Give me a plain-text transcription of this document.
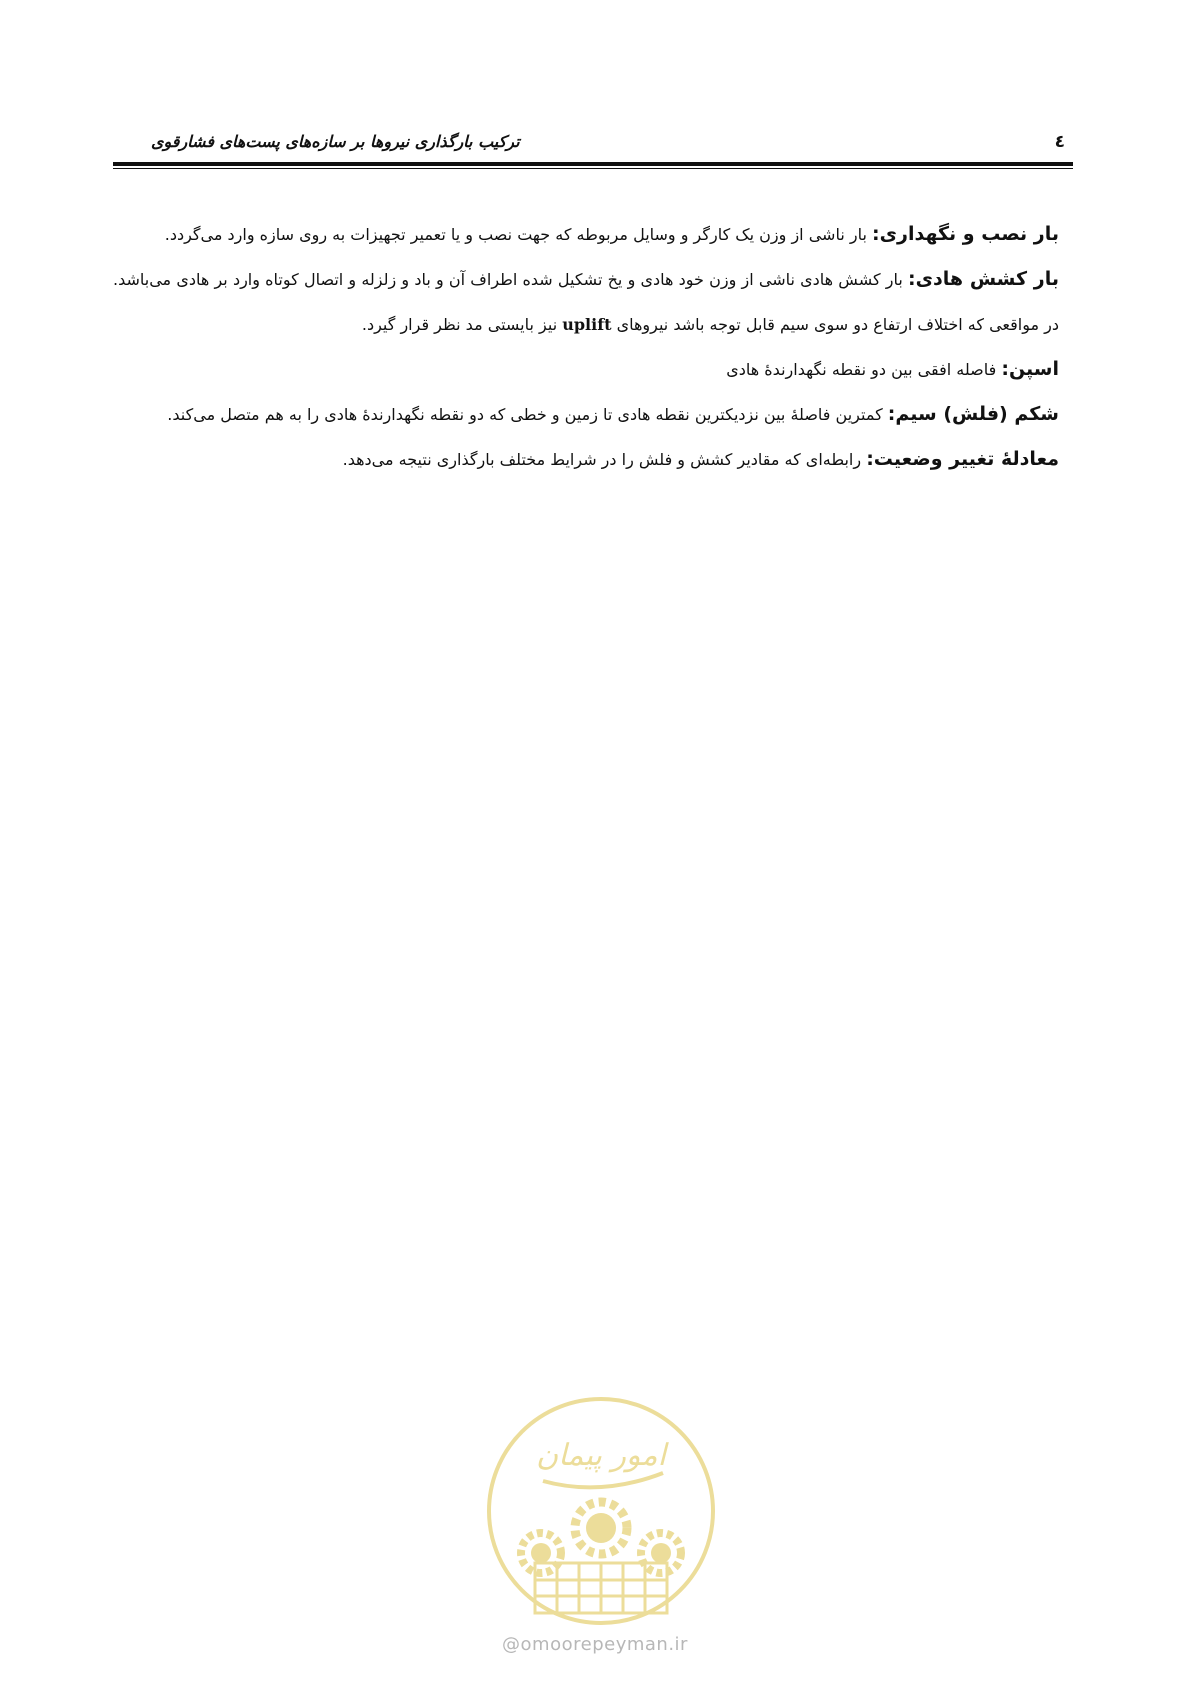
٤
ترکیب بارگذاری نیروها بر سازه‌های پست‌های فشارقوی

بار نصب و نگهداری: بار ناشی از وزن یک کارگر و وسایل مربوطه که جهت نصب و یا تعمیر تجهیزات به روی سازه وارد می‌گردد.

بار کشش هادی: بار کشش هادی ناشی از وزن خود هادی و یخ تشکیل شده اطراف آن و باد و زلزله و اتصال کوتاه وارد بر هادی می‌باشد. در مواقعی که اختلاف ارتفاع دو سوی سیم قابل توجه باشد نیروهای uplift نیز بایستی مد نظر قرار گیرد.

اسپن: فاصله افقی بین دو نقطه نگهدارندهٔ هادی

شکم (فلش) سیم: کمترین فاصلهٔ بین نزدیکترین نقطه هادی تا زمین و خطی که دو نقطه نگهدارندهٔ هادی را به هم متصل می‌کند.

معادلهٔ تغییر وضعیت: رابطه‌ای که مقادیر کشش و فلش را در شرایط مختلف بارگذاری نتیجه می‌دهد.

امور پیمان
@omoorepeyman.ir
